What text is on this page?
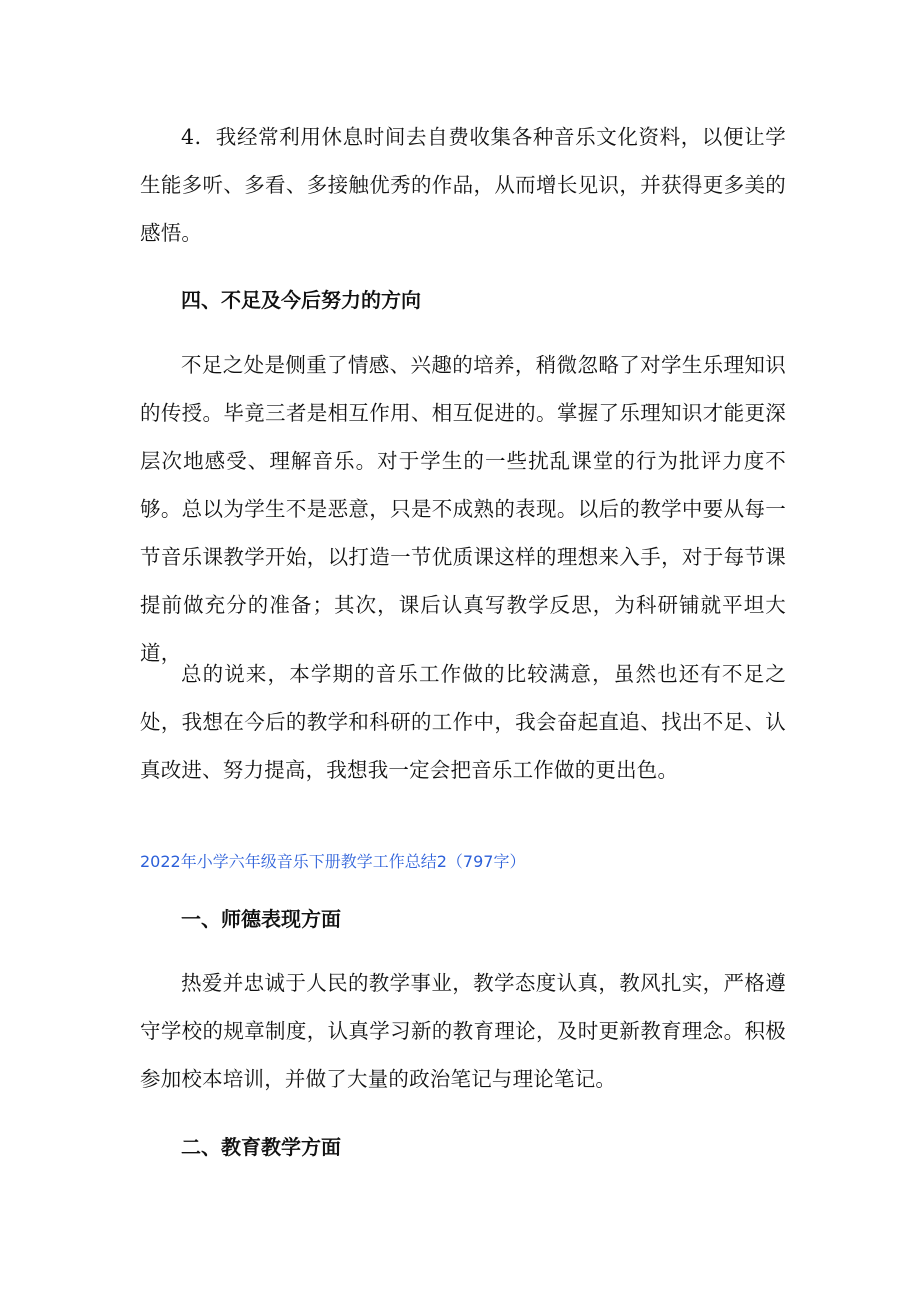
4．我经常利用休息时间去自费收集各种音乐文化资料，以便让学生能多听、多看、多接触优秀的作品，从而增长见识，并获得更多美的感悟。

四、不足及今后努力的方向

不足之处是侧重了情感、兴趣的培养，稍微忽略了对学生乐理知识的传授。毕竟三者是相互作用、相互促进的。掌握了乐理知识才能更深层次地感受、理解音乐。对于学生的一些扰乱课堂的行为批评力度不够。总以为学生不是恶意，只是不成熟的表现。以后的教学中要从每一节音乐课教学开始，以打造一节优质课这样的理想来入手，对于每节课提前做充分的准备；其次，课后认真写教学反思，为科研铺就平坦大道，

总的说来，本学期的音乐工作做的比较满意，虽然也还有不足之处，我想在今后的教学和科研的工作中，我会奋起直追、找出不足、认真改进、努力提高，我想我一定会把音乐工作做的更出色。

2022年小学六年级音乐下册教学工作总结2（797字）
一、师德表现方面

热爱并忠诚于人民的教学事业，教学态度认真，教风扎实，严格遵守学校的规章制度，认真学习新的教育理论，及时更新教育理念。积极参加校本培训，并做了大量的政治笔记与理论笔记。

二、教育教学方面
